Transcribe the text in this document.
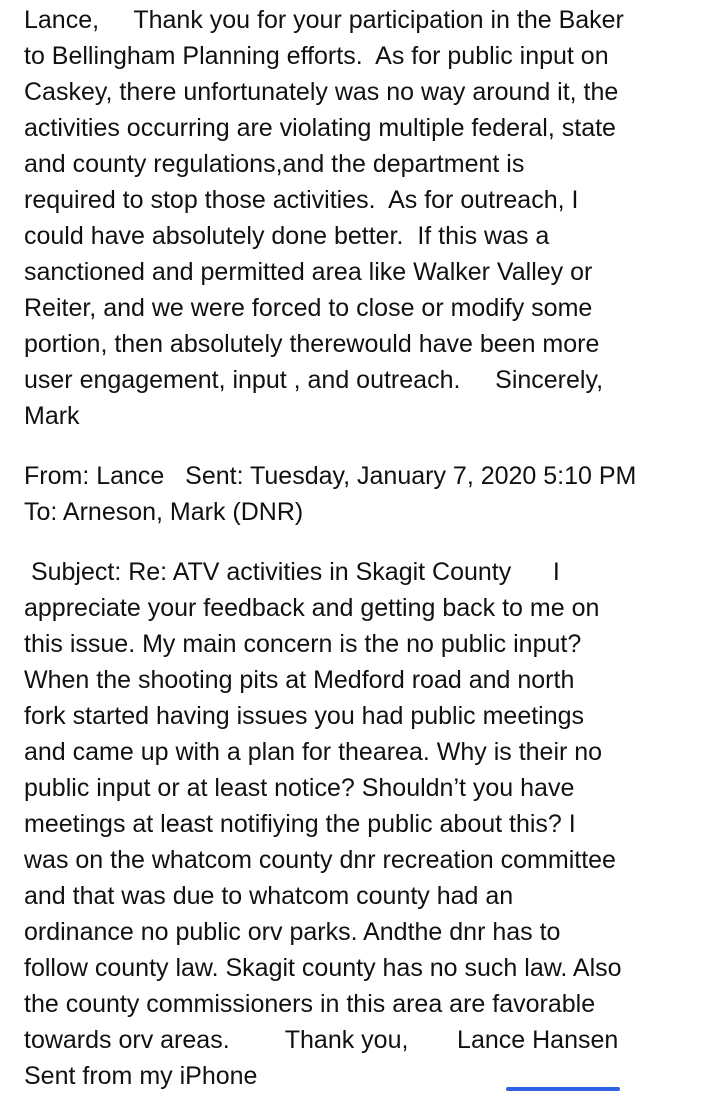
Lance,     Thank you for your participation in the Baker
to Bellingham Planning efforts.  As for public input on
Caskey, there unfortunately was no way around it, the
activities occurring are violating multiple federal, state
and county regulations,and the department is
required to stop those activities.  As for outreach, I
could have absolutely done better.  If this was a
sanctioned and permitted area like Walker Valley or
Reiter, and we were forced to close or modify some
portion, then absolutely therewould have been more
user engagement, input , and outreach.     Sincerely,
Mark
From: Lance   Sent: Tuesday, January 7, 2020 5:10 PM
To: Arneson, Mark (DNR)
Subject: Re: ATV activities in Skagit County      I
appreciate your feedback and getting back to me on
this issue. My main concern is the no public input?
When the shooting pits at Medford road and north
fork started having issues you had public meetings
and came up with a plan for thearea. Why is their no
public input or at least notice? Shouldn’t you have
meetings at least notifiying the public about this? I
was on the whatcom county dnr recreation committee
and that was due to whatcom county had an
ordinance no public orv parks. Andthe dnr has to
follow county law. Skagit county has no such law. Also
the county commissioners in this area are favorable
towards orv areas.        Thank you,       Lance Hansen
Sent from my iPhone
